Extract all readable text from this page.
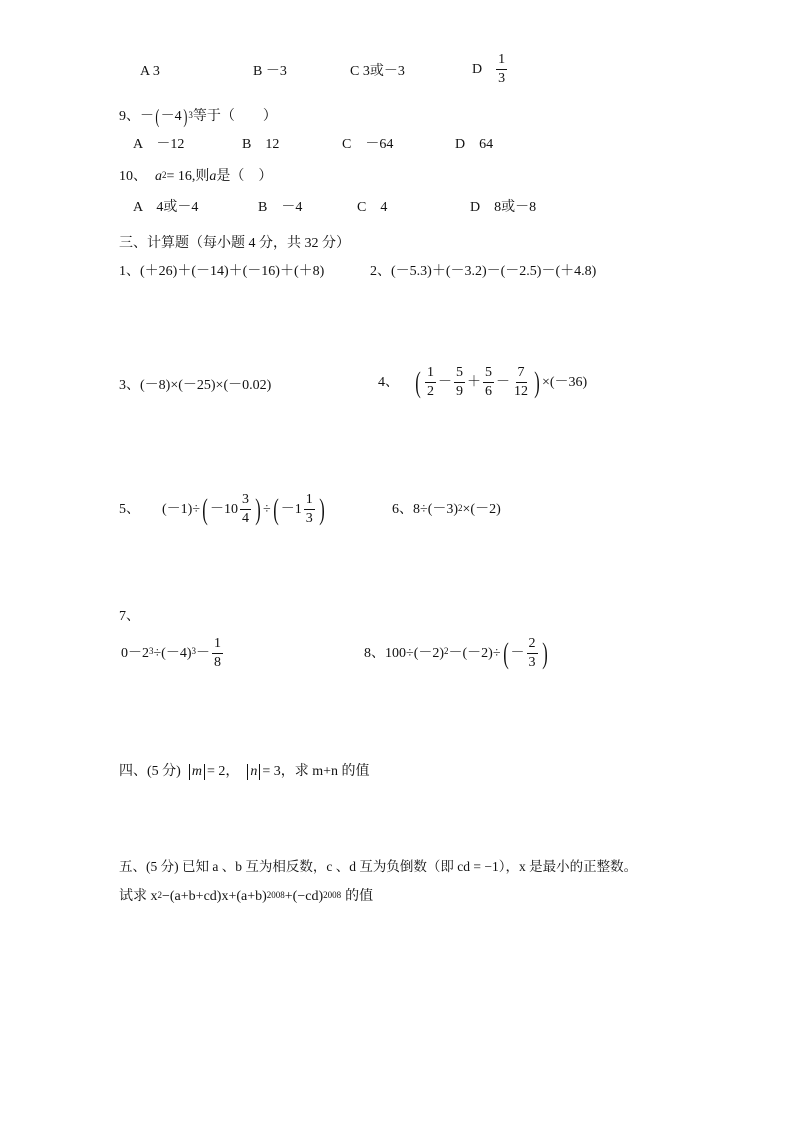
A 3	B －3	C 3或－3	D $\frac{1}{3}$
9、－ ( －4 )$^3$ 等于（　　）
A　－12	B　12	C　－64	D　64
10、 $a^2 = 16$,则 a 是（　）
A　4或－4	B　－4	C　4	D　8或－8
三、计算题（每小题 4 分，共 32 分）
1、(＋26)＋(－14)＋(－16)＋(＋8)	2、(－5.3)＋(－3.2)－(－2.5)－(＋4.8)
3、(－8)×(－25)×(－0.02)	4、 ( $\frac{1}{2} - \frac{5}{9} + \frac{5}{6} - \frac{7}{12}$ ) ×(－36)
5、 (－1)÷ ( $-10 \frac{3}{4}$ ) ÷ ( $-1 \frac{1}{3}$ )	6、$8\div (-3)^2 \times(-2)$
7、
$0-2^3 \div(-4)^3 - \frac{1}{8}$	8、$100\div (-2)^2 -(-2)\div$ ( － $\frac{2}{3}$ )
四、(5 分) m = 2， n = 3，求 m+n 的值
五、(5 分) 已知 a 、b 互为相反数，c 、d 互为负倒数（即 cd = −1），x 是最小的正整数。
试求 $x^2 -(a+b+cd)x+(a+b)^{2008} +(-cd)^{2008}$ 的值
